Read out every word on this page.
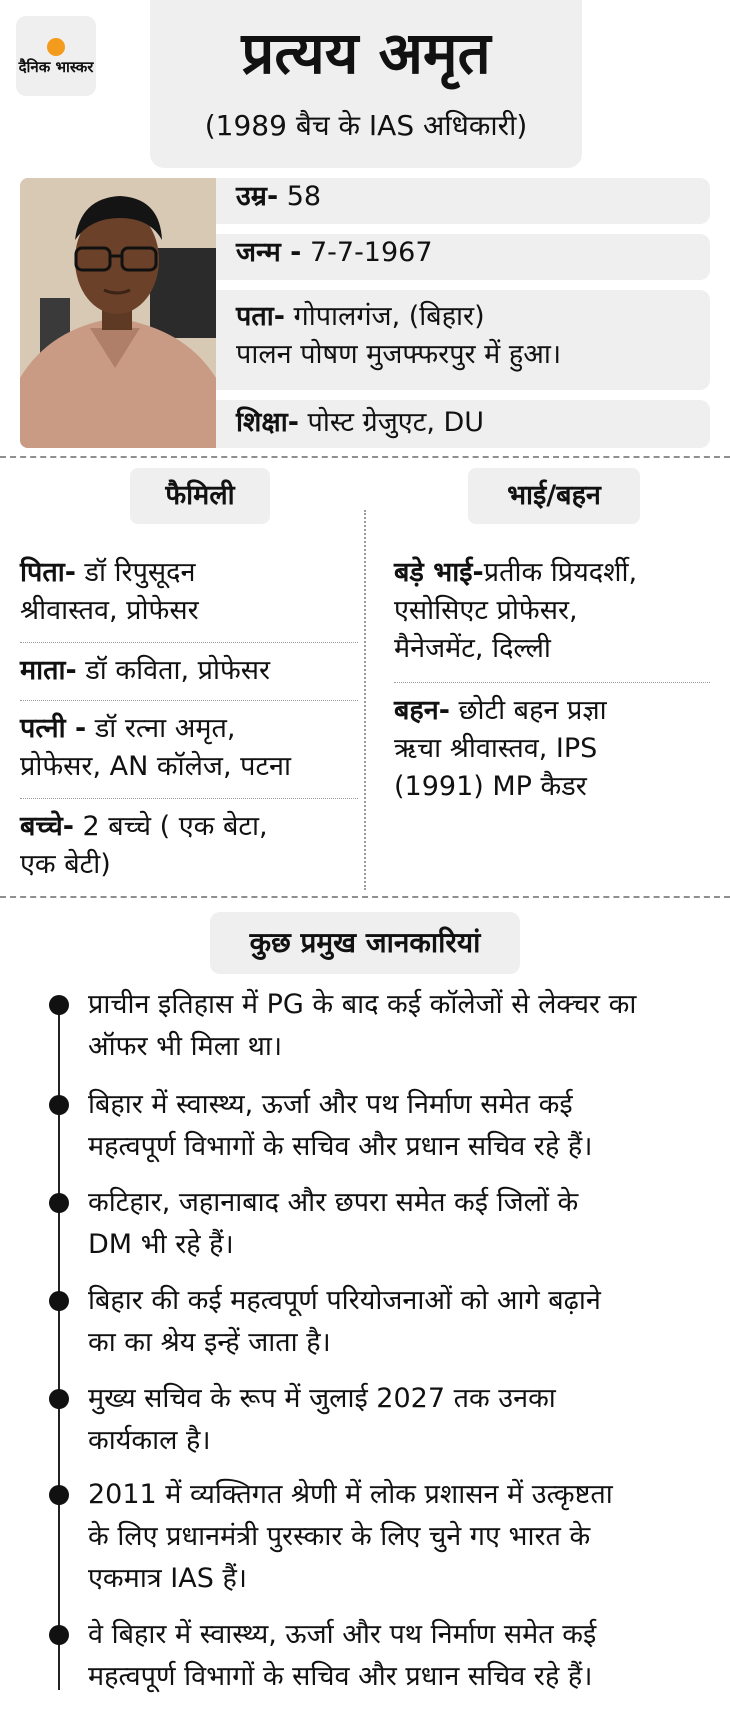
दैनिक भास्कर	प्रत्यय अमृत
(1989 बैच के IAS अधिकारी)
उम्र- 58
जन्म - 7-7-1967
पता- गोपालगंज, (बिहार)
पालन पोषण मुजफ्फरपुर में हुआ।
शिक्षा- पोस्ट ग्रेजुएट, DU
फैमिली	भाई/बहन
पिता- डॉ रिपुसूदन
श्रीवास्तव, प्रोफेसर
माता- डॉ कविता, प्रोफेसर
पत्नी - डॉ रत्ना अमृत,
प्रोफेसर, AN कॉलेज, पटना
बच्चे- 2 बच्चे ( एक बेटा,
एक बेटी)
बड़े भाई-प्रतीक प्रियदर्शी,
एसोसिएट प्रोफेसर,
मैनेजमेंट, दिल्ली
बहन- छोटी बहन प्रज्ञा
ऋचा श्रीवास्तव, IPS
(1991) MP कैडर
कुछ प्रमुख जानकारियां
प्राचीन इतिहास में PG के बाद कई कॉलेजों से लेक्चर का
ऑफर भी मिला था।
बिहार में स्वास्थ्य, ऊर्जा और पथ निर्माण समेत कई
महत्वपूर्ण विभागों के सचिव और प्रधान सचिव रहे हैं।
कटिहार, जहानाबाद और छपरा समेत कई जिलों के
DM भी रहे हैं।
बिहार की कई महत्वपूर्ण परियोजनाओं को आगे बढ़ाने
का का श्रेय इन्हें जाता है।
मुख्य सचिव के रूप में जुलाई 2027 तक उनका
कार्यकाल है।
2011 में व्यक्तिगत श्रेणी में लोक प्रशासन में उत्कृष्टता
के लिए प्रधानमंत्री पुरस्कार के लिए चुने गए भारत के
एकमात्र IAS हैं।
वे बिहार में स्वास्थ्य, ऊर्जा और पथ निर्माण समेत कई
महत्वपूर्ण विभागों के सचिव और प्रधान सचिव रहे हैं।
